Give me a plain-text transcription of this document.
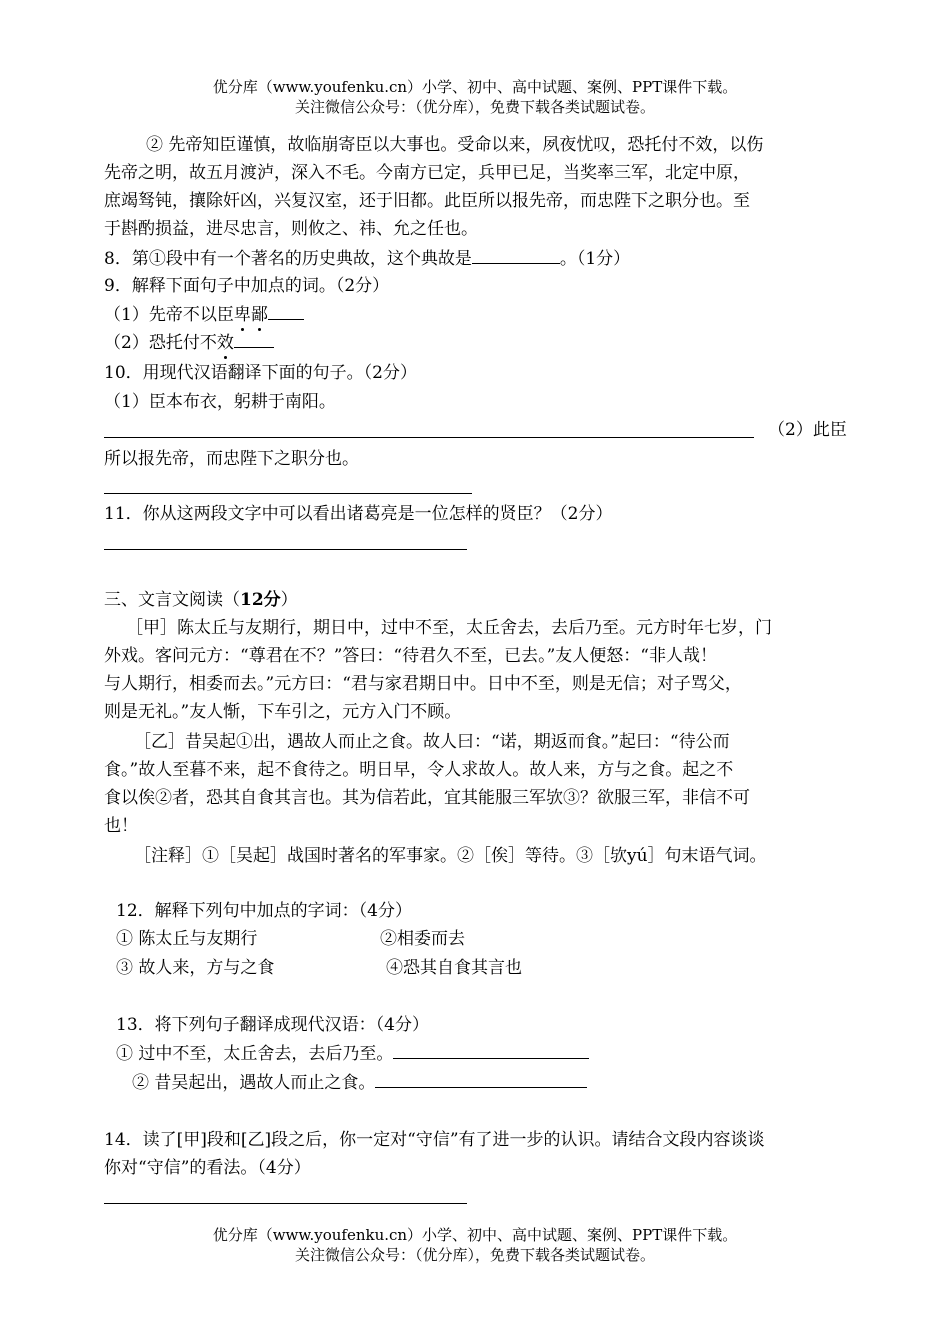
优分库（www.youfenku.cn）小学、初中、高中试题、案例、PPT课件下载。
关注微信公众号：（优分库），免费下载各类试题试卷。
② 先帝知臣谨慎，故临崩寄臣以大事也。受命以来，夙夜忧叹，恐托付不效，以伤
先帝之明，故五月渡泸，深入不毛。今南方已定，兵甲已足，当奖率三军，北定中原，
庶竭驽钝，攘除奸凶，兴复汉室，还于旧都。此臣所以报先帝，而忠陛下之职分也。至
于斟酌损益，进尽忠言，则攸之、祎、允之任也。
8．第①段中有一个著名的历史典故，这个典故是	。（1分）
9．解释下面句子中加点的词。（2分）
（1）先帝不以臣卑鄙
（2）恐托付不效
10．用现代汉语翻译下面的句子。（2分）
（1）臣本布衣，躬耕于南阳。
（2）此臣
所以报先帝，而忠陛下之职分也。
11．你从这两段文字中可以看出诸葛亮是一位怎样的贤臣？（2分）
三、文言文阅读（12分）
［甲］陈太丘与友期行，期日中，过中不至，太丘舍去，去后乃至。元方时年七岁，门
外戏。客问元方：“尊君在不？”答曰：“待君久不至，已去。”友人便怒：“非人哉！
与人期行，相委而去。”元方曰：“君与家君期日中。日中不至，则是无信；对子骂父，
则是无礼。”友人惭，下车引之，元方入门不顾。
［乙］昔吴起①出，遇故人而止之食。故人曰：“诺，期返而食。”起曰：“待公而
食。”故人至暮不来，起不食待之。明日早，令人求故人。故人来，方与之食。起之不
食以俟②者，恐其自食其言也。其为信若此，宜其能服三军欤③？欲服三军，非信不可
也！
［注释］①［吴起］战国时著名的军事家。②［俟］等待。③［欤yú］句末语气词。
12．解释下列句中加点的字词：（4分）
① 陈太丘与友期行	②相委而去
③ 故人来，方与之食	④恐其自食其言也
13．将下列句子翻译成现代汉语：（4分）
① 过中不至，太丘舍去，去后乃至。
② 昔吴起出，遇故人而止之食。
14．读了[甲]段和[乙]段之后，你一定对“守信”有了进一步的认识。请结合文段内容谈谈
你对“守信”的看法。（4分）
优分库（www.youfenku.cn）小学、初中、高中试题、案例、PPT课件下载。
关注微信公众号：（优分库），免费下载各类试题试卷。
